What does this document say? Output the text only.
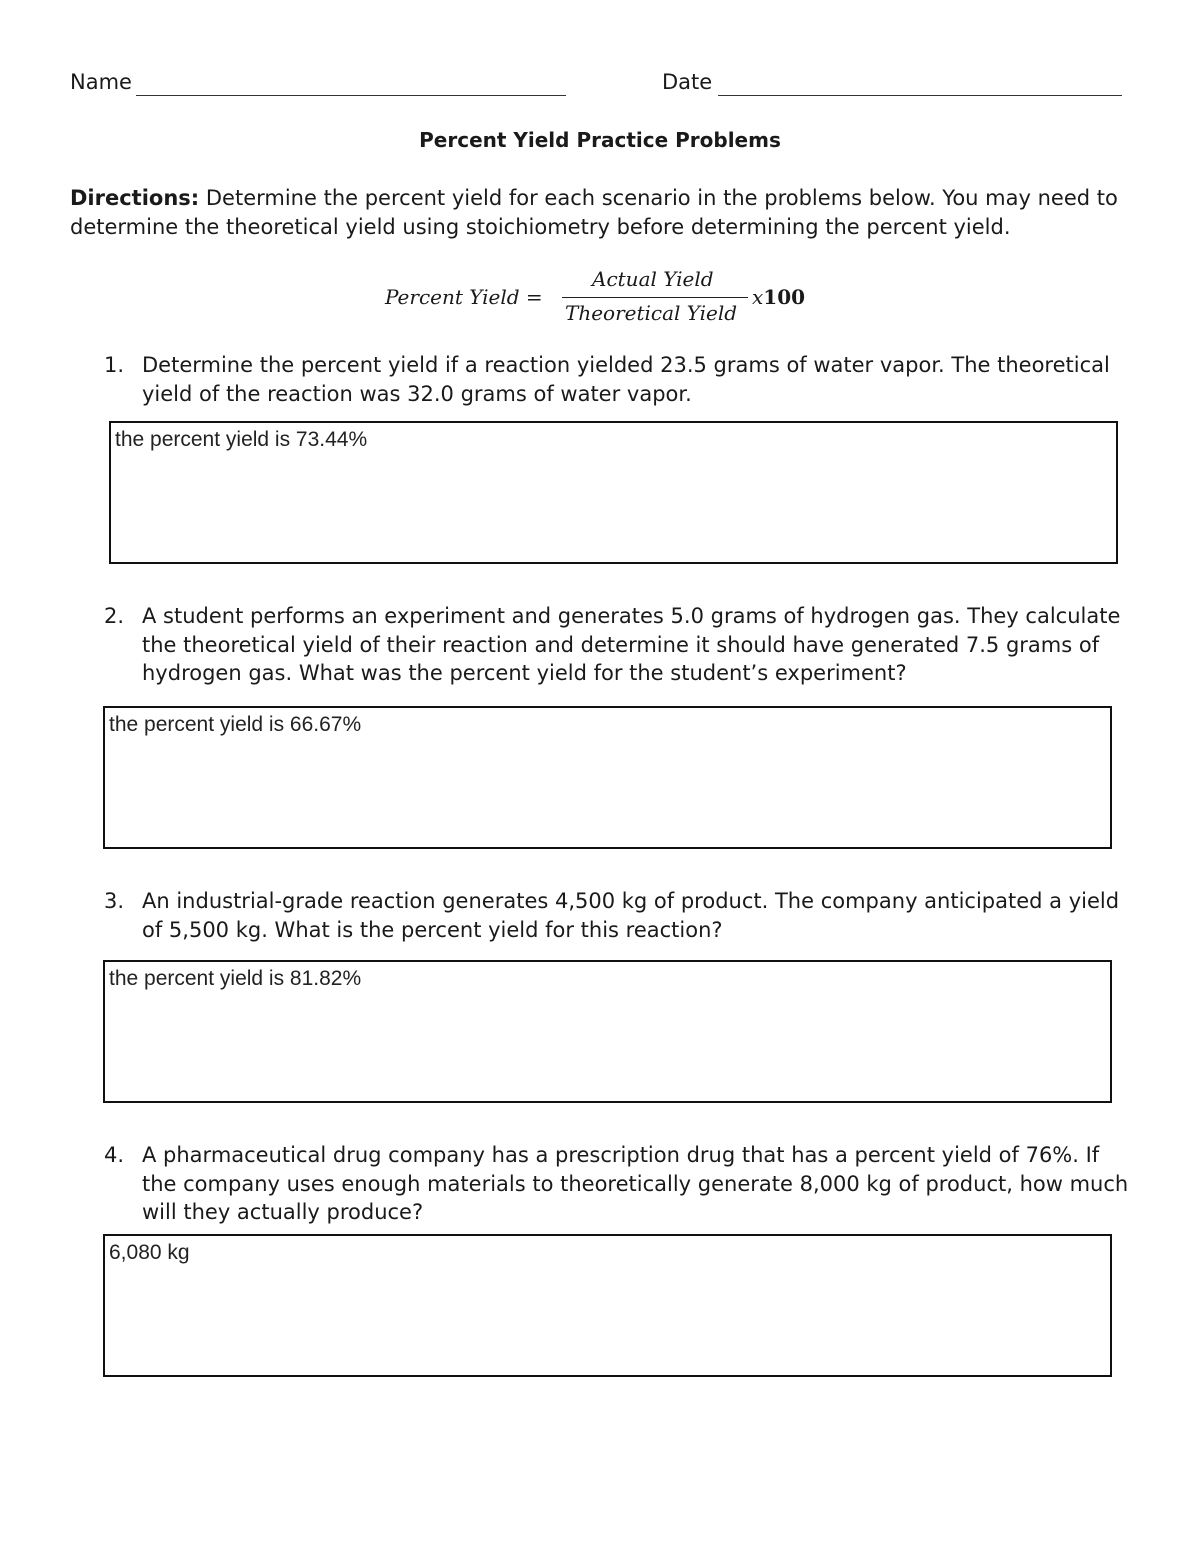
Name	Date
Percent Yield Practice Problems
Directions: Determine the percent yield for each scenario in the problems below. You may need to determine the theoretical yield using stoichiometry before determining the percent yield.
Percent Yield =
Actual Yield
Theoretical Yield
x100
1. Determine the percent yield if a reaction yielded 23.5 grams of water vapor. The theoretical yield of the reaction was 32.0 grams of water vapor.
the percent yield is 73.44%
2. A student performs an experiment and generates 5.0 grams of hydrogen gas. They calculate the theoretical yield of their reaction and determine it should have generated 7.5 grams of hydrogen gas. What was the percent yield for the student’s experiment?
the percent yield is 66.67%
3. An industrial-grade reaction generates 4,500 kg of product. The company anticipated a yield of 5,500 kg. What is the percent yield for this reaction?
the percent yield is 81.82%
4. A pharmaceutical drug company has a prescription drug that has a percent yield of 76%. If the company uses enough materials to theoretically generate 8,000 kg of product, how much will they actually produce?
6,080 kg
